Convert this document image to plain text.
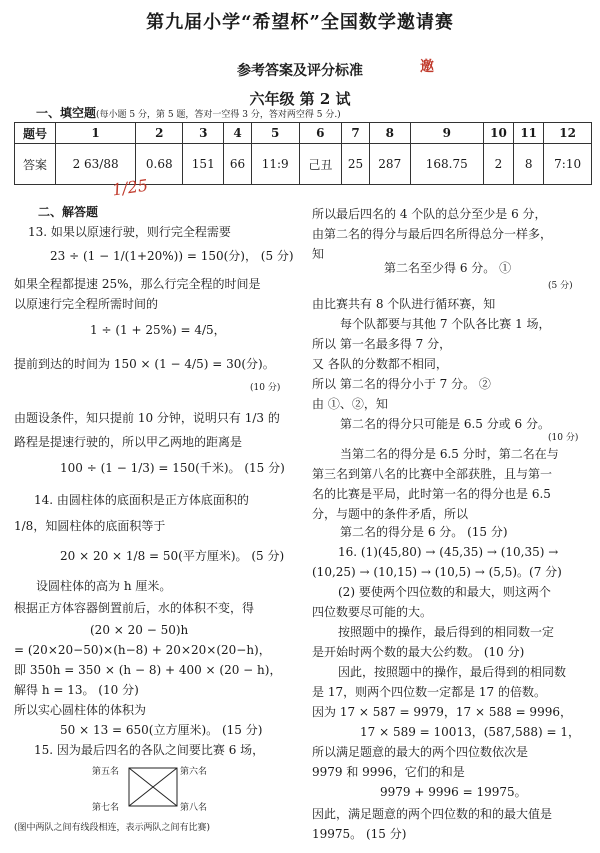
第九届小学“希望杯”全国数学邀请赛
参考答案及评分标准	邀
六年级 第 2 试
一、填空题(每小题 5 分，第 5 题，答对一空得 3 分，答对两空得 5 分.)
题号	1	2	3	4	5	6	7	8	9	10	11	12
答案	2 63/88	0.68	151	66	11:9	己丑	25	287	168.75	2	8	7:10
1/25
二、解答题
13. 如果以原速行驶，则行完全程需要
23 ÷ (1 − 1/(1+20%)) = 150(分)， (5 分)
如果全程都提速 25%，那么行完全程的时间是
以原速行完全程所需时间的
1 ÷ (1 + 25%) = 4/5，
提前到达的时间为 150 × (1 − 4/5) = 30(分)。
(10 分)
由题设条件，知只提前 10 分钟，说明只有 1/3 的
路程是提速行驶的，所以甲乙两地的距离是
100 ÷ (1 − 1/3) = 150(千米)。 (15 分)
14. 由圆柱体的底面积是正方体底面积的
1/8，知圆柱体的底面积等于
20 × 20 × 1/8 = 50(平方厘米)。 (5 分)
设圆柱体的高为 h 厘米。
根据正方体容器倒置前后，水的体积不变，得
(20 × 20 − 50)h
= (20×20−50)×(h−8) + 20×20×(20−h)，
即 350h = 350 × (h − 8) + 400 × (20 − h)，
解得 h = 13。 (10 分)
所以实心圆柱体的体积为
50 × 13 = 650(立方厘米)。 (15 分)
15. 因为最后四名的各队之间要比赛 6 场，
第五名	第六名
第七名	第八名
(图中两队之间有线段相连，表示两队之间有比赛)
所以最后四名的 4 个队的总分至少是 6 分，
由第二名的得分与最后四名所得总分一样多，
知
第二名至少得 6 分。 ①
(5 分)
由比赛共有 8 个队进行循环赛，知
每个队都要与其他 7 个队各比赛 1 场，
所以 第一名最多得 7 分，
又 各队的分数都不相同，
所以 第二名的得分小于 7 分。 ②
由 ①、②，知
第二名的得分只可能是 6.5 分或 6 分。
(10 分)
当第二名的得分是 6.5 分时，第二名在与
第三名到第八名的比赛中全部获胜，且与第一
名的比赛是平局，此时第一名的得分也是 6.5
分，与题中的条件矛盾，所以
第二名的得分是 6 分。 (15 分)
16. (1)(45,80) → (45,35) → (10,35) →
(10,25) → (10,15) → (10,5) → (5,5)。(7 分)
(2) 要使两个四位数的和最大，则这两个
四位数要尽可能的大。
按照题中的操作，最后得到的相同数一定
是开始时两个数的最大公约数。 (10 分)
因此，按照题中的操作，最后得到的相同数
是 17，则两个四位数一定都是 17 的倍数。
因为 17 × 587 = 9979，17 × 588 = 9996，
17 × 589 = 10013，(587,588) = 1，
所以满足题意的最大的两个四位数依次是
9979 和 9996，它们的和是
9979 + 9996 = 19975。
因此，满足题意的两个四位数的和的最大值是
19975。 (15 分)
